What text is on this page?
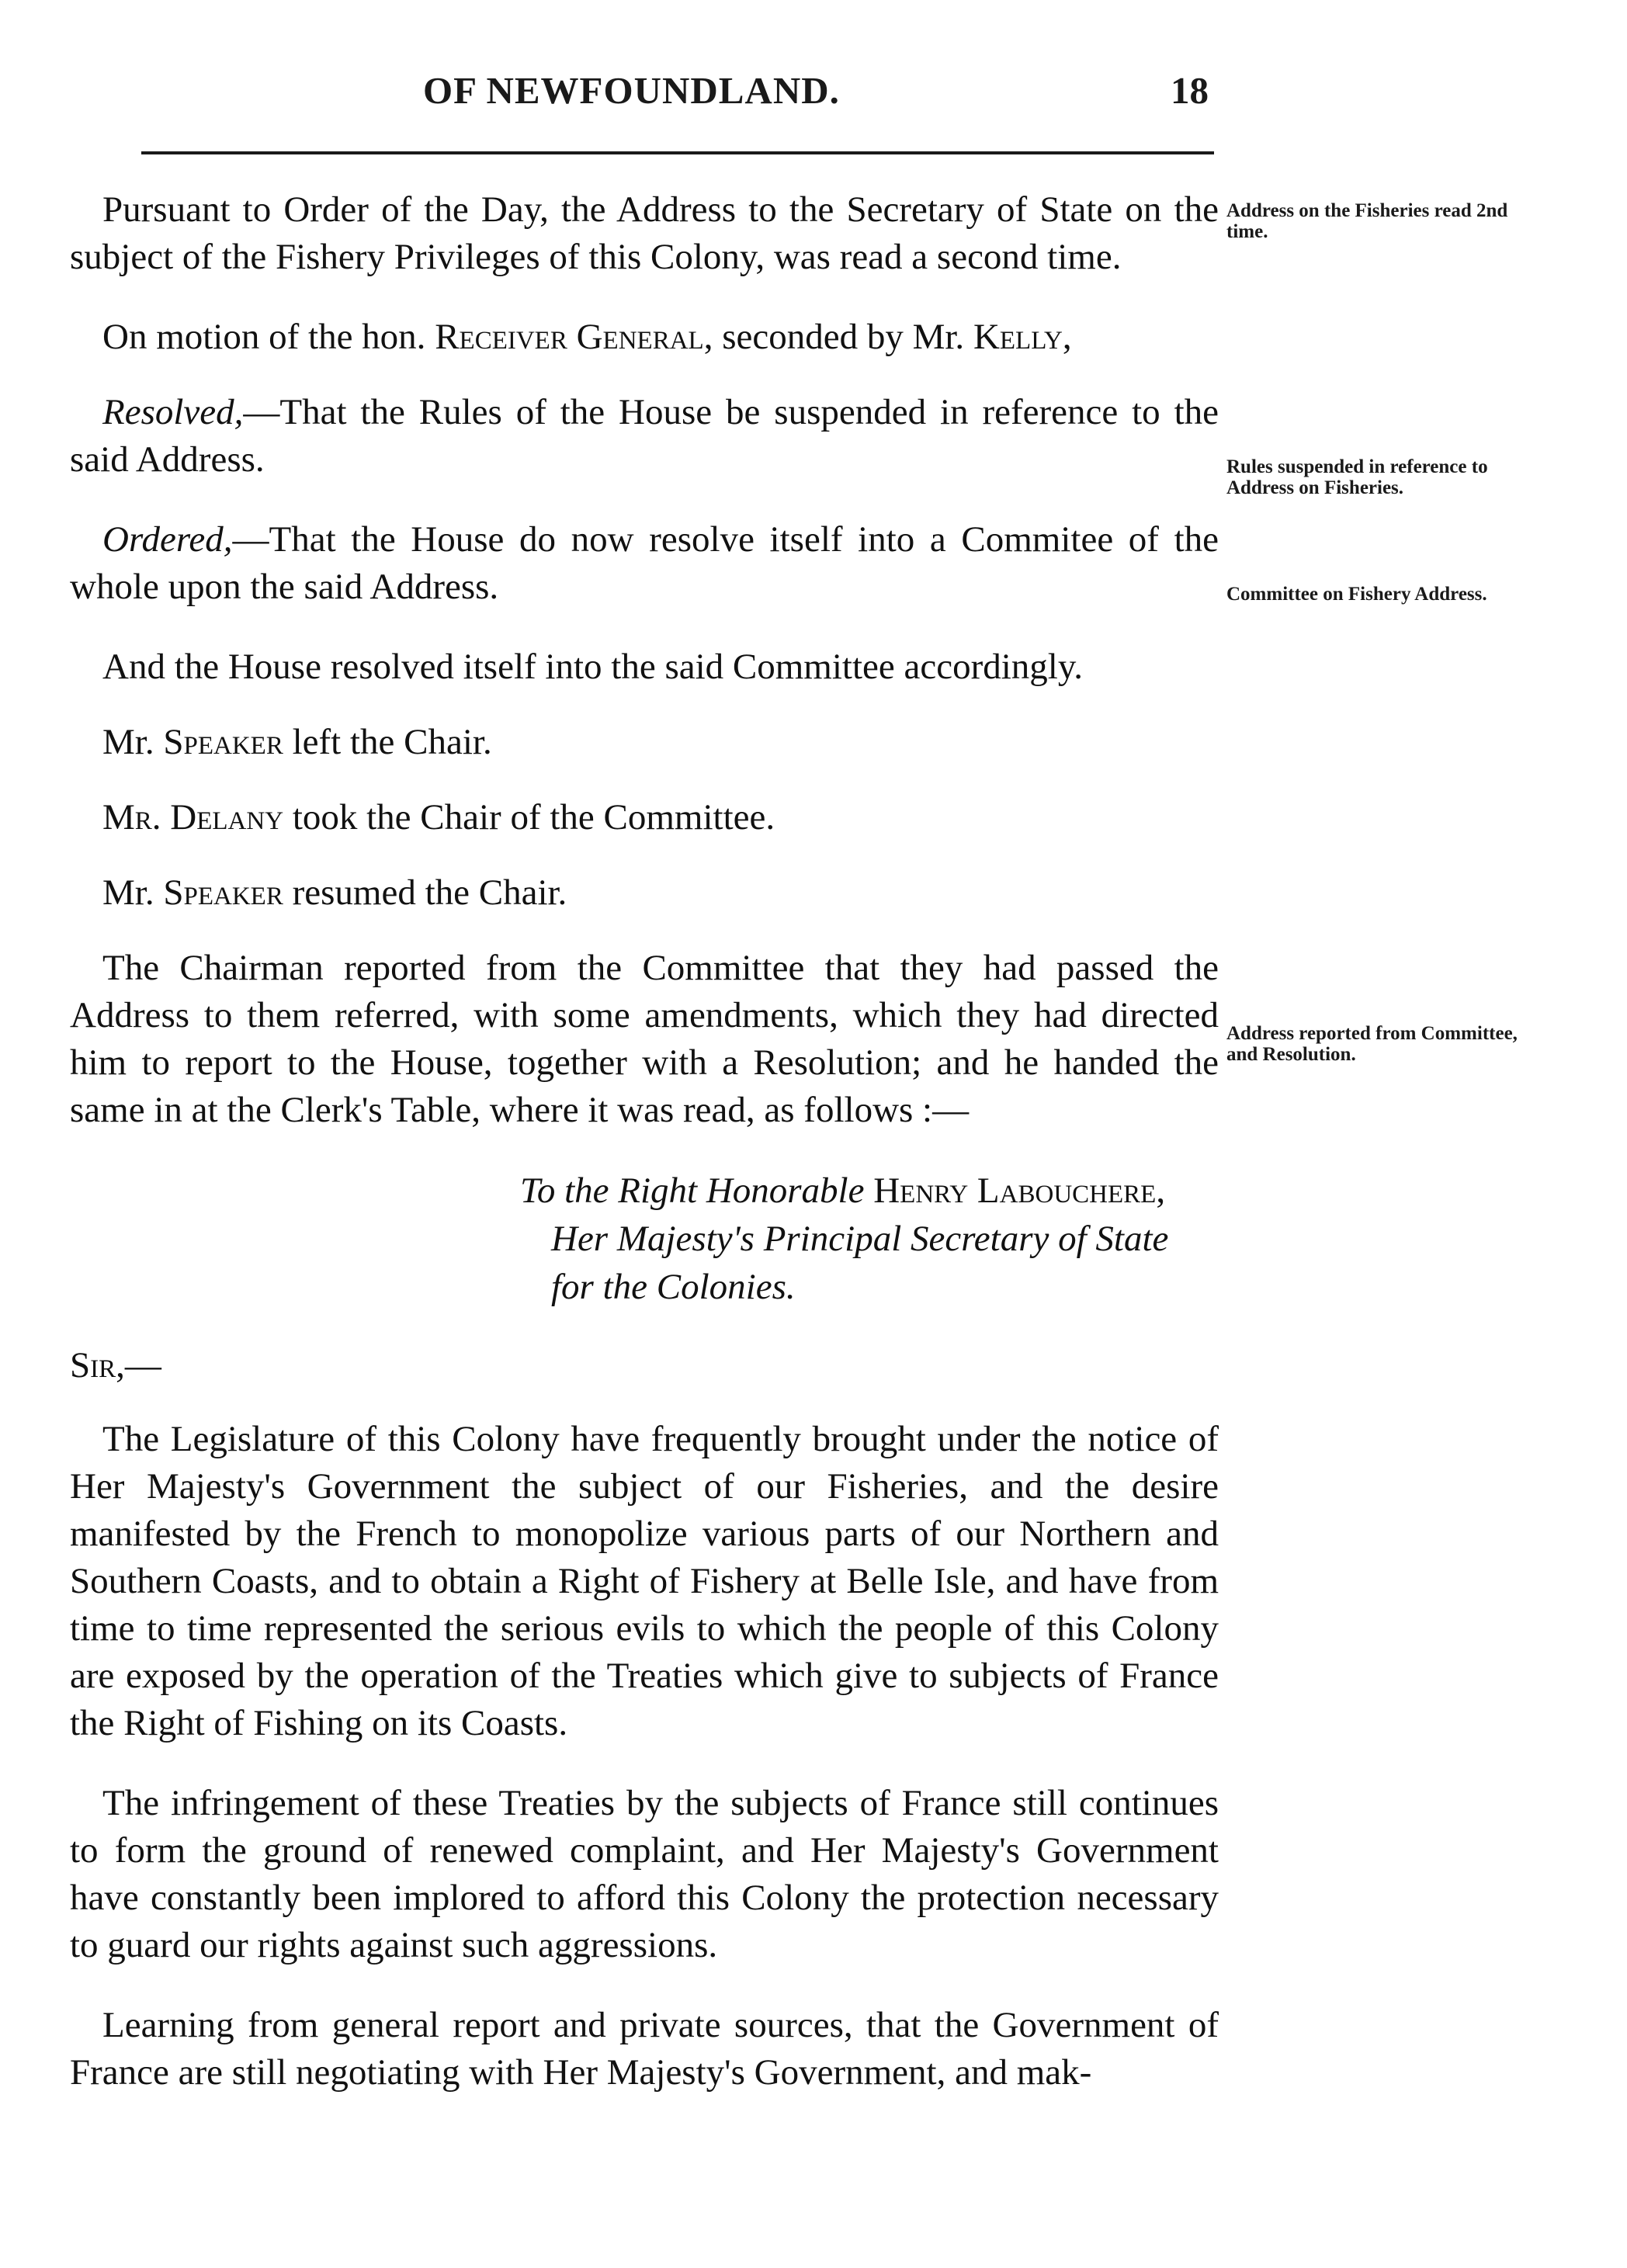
OF NEWFOUNDLAND.	18
Address on the Fisheries read 2nd time.
Rules suspended in reference to Address on Fisheries.
Committee on Fishery Address.
Address reported from Committee, and Resolution.

Pursuant to Order of the Day, the Address to the Secretary of State on the subject of the Fishery Privileges of this Colony, was read a second time.

On motion of the hon. Receiver General, seconded by Mr. Kelly,

Resolved,—That the Rules of the House be suspended in reference to the said Address.

Ordered,—That the House do now resolve itself into a Commitee of the whole upon the said Address.

And the House resolved itself into the said Committee accordingly.

Mr. Speaker left the Chair.

Mr. Delany took the Chair of the Committee.

Mr. Speaker resumed the Chair.

The Chairman reported from the Committee that they had passed the Address to them referred, with some amendments, which they had directed him to report to the House, together with a Resolution; and he handed the same in at the Clerk's Table, where it was read, as follows :—

To the Right Honorable Henry Labouchere,
Her Majesty's Principal Secretary of State
for the Colonies.

Sir,—

The Legislature of this Colony have frequently brought under the notice of Her Majesty's Government the subject of our Fisheries, and the desire manifested by the French to monopolize various parts of our Northern and Southern Coasts, and to obtain a Right of Fishery at Belle Isle, and have from time to time represented the serious evils to which the people of this Colony are exposed by the operation of the Treaties which give to subjects of France the Right of Fishing on its Coasts.

The infringement of these Treaties by the subjects of France still continues to form the ground of renewed complaint, and Her Majesty's Government have constantly been implored to afford this Colony the protection necessary to guard our rights against such aggressions.

Learning from general report and private sources, that the Government of France are still negotiating with Her Majesty's Government, and mak-
